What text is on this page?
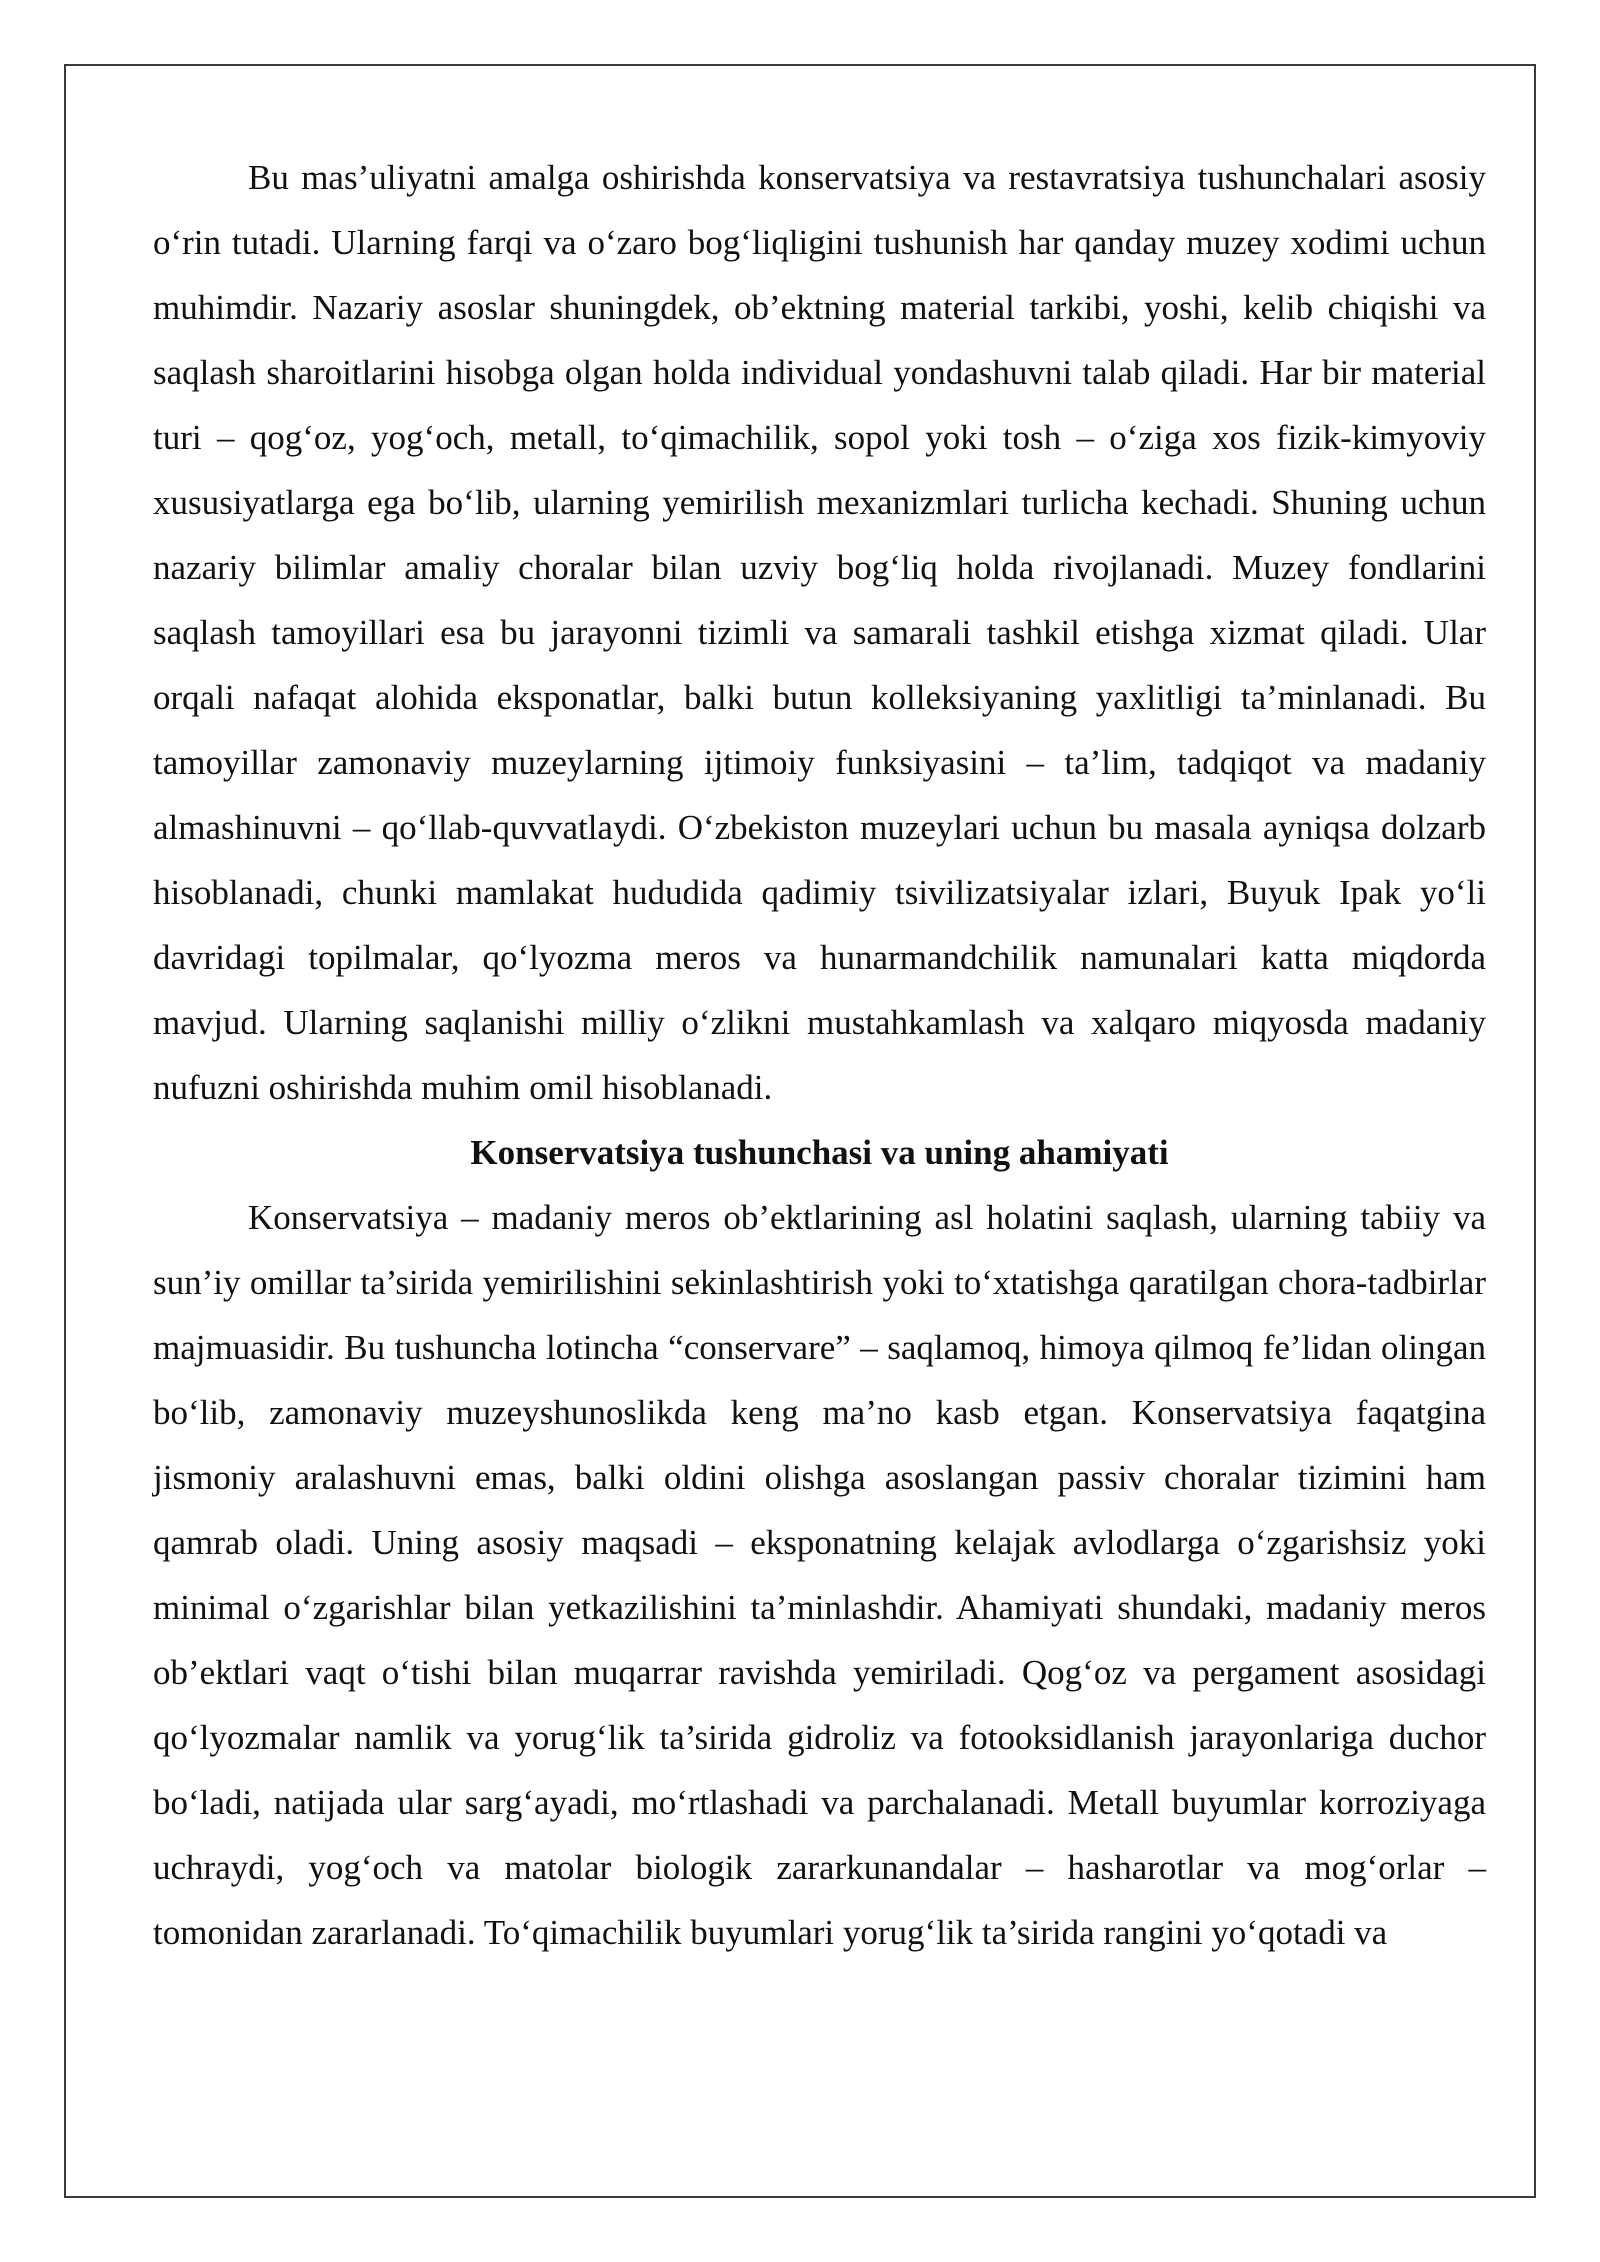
Bu mas’uliyatni amalga oshirishda konservatsiya va restavratsiya tushunchalari asosiy o‘rin tutadi. Ularning farqi va o‘zaro bog‘liqligini tushunish har qanday muzey xodimi uchun muhimdir. Nazariy asoslar shuningdek, ob’ektning material tarkibi, yoshi, kelib chiqishi va saqlash sharoitlarini hisobga olgan holda individual yondashuvni talab qiladi. Har bir material turi – qog‘oz, yog‘och, metall, to‘qimachilik, sopol yoki tosh – o‘ziga xos fizik-kimyoviy xususiyatlarga ega bo‘lib, ularning yemirilish mexanizmlari turlicha kechadi. Shuning uchun nazariy bilimlar amaliy choralar bilan uzviy bog‘liq holda rivojlanadi. Muzey fondlarini saqlash tamoyillari esa bu jarayonni tizimli va samarali tashkil etishga xizmat qiladi. Ular orqali nafaqat alohida eksponatlar, balki butun kolleksiyaning yaxlitligi ta’minlanadi. Bu tamoyillar zamonaviy muzeylarning ijtimoiy funksiyasini – ta’lim, tadqiqot va madaniy almashinuvni – qo‘llab-quvvatlaydi. O‘zbekiston muzeylari uchun bu masala ayniqsa dolzarb hisoblanadi, chunki mamlakat hududida qadimiy tsivilizatsiyalar izlari, Buyuk Ipak yo‘li davridagi topilmalar, qo‘lyozma meros va hunarmandchilik namunalari katta miqdorda mavjud. Ularning saqlanishi milliy o‘zlikni mustahkamlash va xalqaro miqyosda madaniy nufuzni oshirishda muhim omil hisoblanadi.

Konservatsiya tushunchasi va uning ahamiyati

Konservatsiya – madaniy meros ob’ektlarining asl holatini saqlash, ularning tabiiy va sun’iy omillar ta’sirida yemirilishini sekinlashtirish yoki to‘xtatishga qaratilgan chora-tadbirlar majmuasidir. Bu tushuncha lotincha “conservare” – saqlamoq, himoya qilmoq fe’lidan olingan bo‘lib, zamonaviy muzeyshunoslikda keng ma’no kasb etgan. Konservatsiya faqatgina jismoniy aralashuvni emas, balki oldini olishga asoslangan passiv choralar tizimini ham qamrab oladi. Uning asosiy maqsadi – eksponatning kelajak avlodlarga o‘zgarishsiz yoki minimal o‘zgarishlar bilan yetkazilishini ta’minlashdir. Ahamiyati shundaki, madaniy meros ob’ektlari vaqt o‘tishi bilan muqarrar ravishda yemiriladi. Qog‘oz va pergament asosidagi qo‘lyozmalar namlik va yorug‘lik ta’sirida gidroliz va fotooksidlanish jarayonlariga duchor bo‘ladi, natijada ular sarg‘ayadi, mo‘rtlashadi va parchalanadi. Metall buyumlar korroziyaga uchraydi, yog‘och va matolar biologik zararkunandalar – hasharotlar va mog‘orlar – tomonidan zararlanadi. To‘qimachilik buyumlari yorug‘lik ta’sirida rangini yo‘qotadi va
